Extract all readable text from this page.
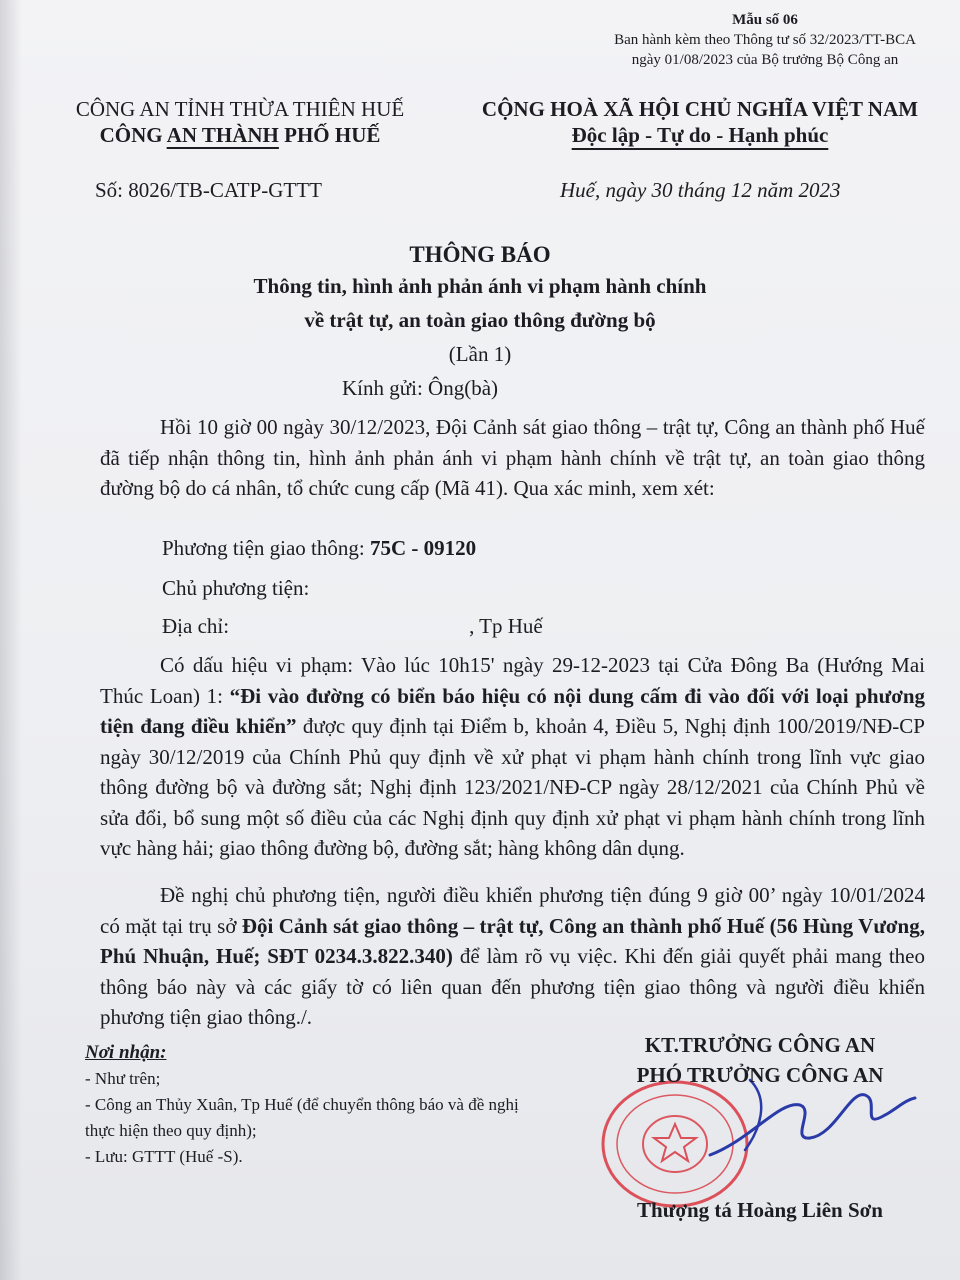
Mẫu số 06
Ban hành kèm theo Thông tư số 32/2023/TT-BCA
ngày 01/08/2023 của Bộ trưởng Bộ Công an
CÔNG AN TỈNH THỪA THIÊN HUẾ
CÔNG AN THÀNH PHỐ HUẾ
CỘNG HOÀ XÃ HỘI CHỦ NGHĨA VIỆT NAM
Độc lập - Tự do - Hạnh phúc
Số: 8026/TB-CATP-GTTT	Huế, ngày 30 tháng 12 năm 2023
THÔNG BÁO
Thông tin, hình ảnh phản ánh vi phạm hành chính
về trật tự, an toàn giao thông đường bộ
(Lần 1)
Kính gửi: Ông(bà)

Hồi 10 giờ 00 ngày 30/12/2023, Đội Cảnh sát giao thông – trật tự, Công an thành phố Huế đã tiếp nhận thông tin, hình ảnh phản ánh vi phạm hành chính về trật tự, an toàn giao thông đường bộ do cá nhân, tổ chức cung cấp (Mã 41). Qua xác minh, xem xét:

Phương tiện giao thông: 75C - 09120
Chủ phương tiện:
Địa chỉ:	, Tp Huế

Có dấu hiệu vi phạm: Vào lúc 10h15' ngày 29-12-2023 tại Cửa Đông Ba (Hướng Mai Thúc Loan) 1: “Đi vào đường có biển báo hiệu có nội dung cấm đi vào đối với loại phương tiện đang điều khiển” được quy định tại Điểm b, khoản 4, Điều 5, Nghị định 100/2019/NĐ-CP ngày 30/12/2019 của Chính Phủ quy định về xử phạt vi phạm hành chính trong lĩnh vực giao thông đường bộ và đường sắt; Nghị định 123/2021/NĐ-CP ngày 28/12/2021 của Chính Phủ về sửa đổi, bổ sung một số điều của các Nghị định quy định xử phạt vi phạm hành chính trong lĩnh vực hàng hải; giao thông đường bộ, đường sắt; hàng không dân dụng.

Đề nghị chủ phương tiện, người điều khiển phương tiện đúng 9 giờ 00’ ngày 10/01/2024 có mặt tại trụ sở Đội Cảnh sát giao thông – trật tự, Công an thành phố Huế (56 Hùng Vương, Phú Nhuận, Huế; SĐT 0234.3.822.340) để làm rõ vụ việc. Khi đến giải quyết phải mang theo thông báo này và các giấy tờ có liên quan đến phương tiện giao thông và người điều khiển phương tiện giao thông./.

Nơi nhận:
- Như trên;
- Công an Thủy Xuân, Tp Huế (để chuyển thông báo và đề nghị thực hiện theo quy định);
- Lưu: GTTT (Huế -S).
KT.TRƯỞNG CÔNG AN
PHÓ TRƯỞNG CÔNG AN
Thượng tá Hoàng Liên Sơn
